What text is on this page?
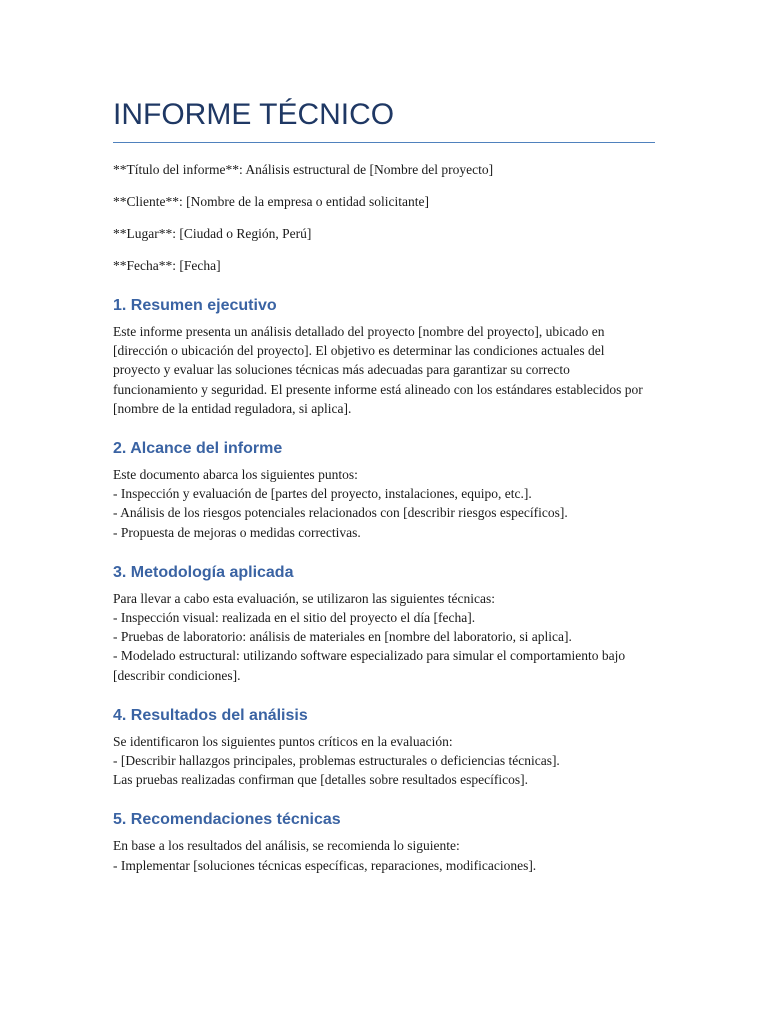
INFORME TÉCNICO

**Título del informe**: Análisis estructural de [Nombre del proyecto]

**Cliente**: [Nombre de la empresa o entidad solicitante]

**Lugar**: [Ciudad o Región, Perú]

**Fecha**: [Fecha]

1. Resumen ejecutivo

Este informe presenta un análisis detallado del proyecto [nombre del proyecto], ubicado en [dirección o ubicación del proyecto]. El objetivo es determinar las condiciones actuales del proyecto y evaluar las soluciones técnicas más adecuadas para garantizar su correcto funcionamiento y seguridad. El presente informe está alineado con los estándares establecidos por [nombre de la entidad reguladora, si aplica].

2. Alcance del informe

Este documento abarca los siguientes puntos:

- Inspección y evaluación de [partes del proyecto, instalaciones, equipo, etc.].

- Análisis de los riesgos potenciales relacionados con [describir riesgos específicos].

- Propuesta de mejoras o medidas correctivas.

3. Metodología aplicada

Para llevar a cabo esta evaluación, se utilizaron las siguientes técnicas:

- Inspección visual: realizada en el sitio del proyecto el día [fecha].

- Pruebas de laboratorio: análisis de materiales en [nombre del laboratorio, si aplica].

- Modelado estructural: utilizando software especializado para simular el comportamiento bajo [describir condiciones].

4. Resultados del análisis

Se identificaron los siguientes puntos críticos en la evaluación:

- [Describir hallazgos principales, problemas estructurales o deficiencias técnicas].

Las pruebas realizadas confirman que [detalles sobre resultados específicos].

5. Recomendaciones técnicas

En base a los resultados del análisis, se recomienda lo siguiente:

- Implementar [soluciones técnicas específicas, reparaciones, modificaciones].
